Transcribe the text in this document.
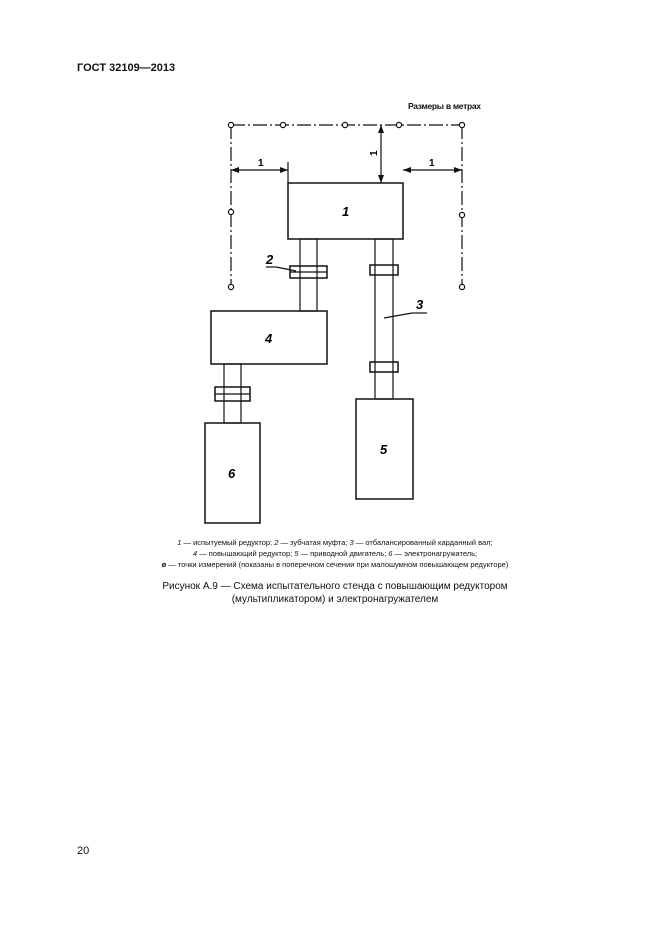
ГОСТ 32109—2013
Размеры в метрах
1
1
1
1
2
3
4
5
6
1 — испытуемый редуктор; 2 — зубчатая муфта; 3 — отбалансированный карданный вал;
4 — повышающий редуктор; 5 — приводной двигатель; 6 — электронагружатель;
ø — точки измерений (показаны в поперечном сечении при малошумном повышающем редукторе)
Рисунок А.9 — Схема испытательного стенда с повышающим редуктором
(мультипликатором) и электронагружателем
20
